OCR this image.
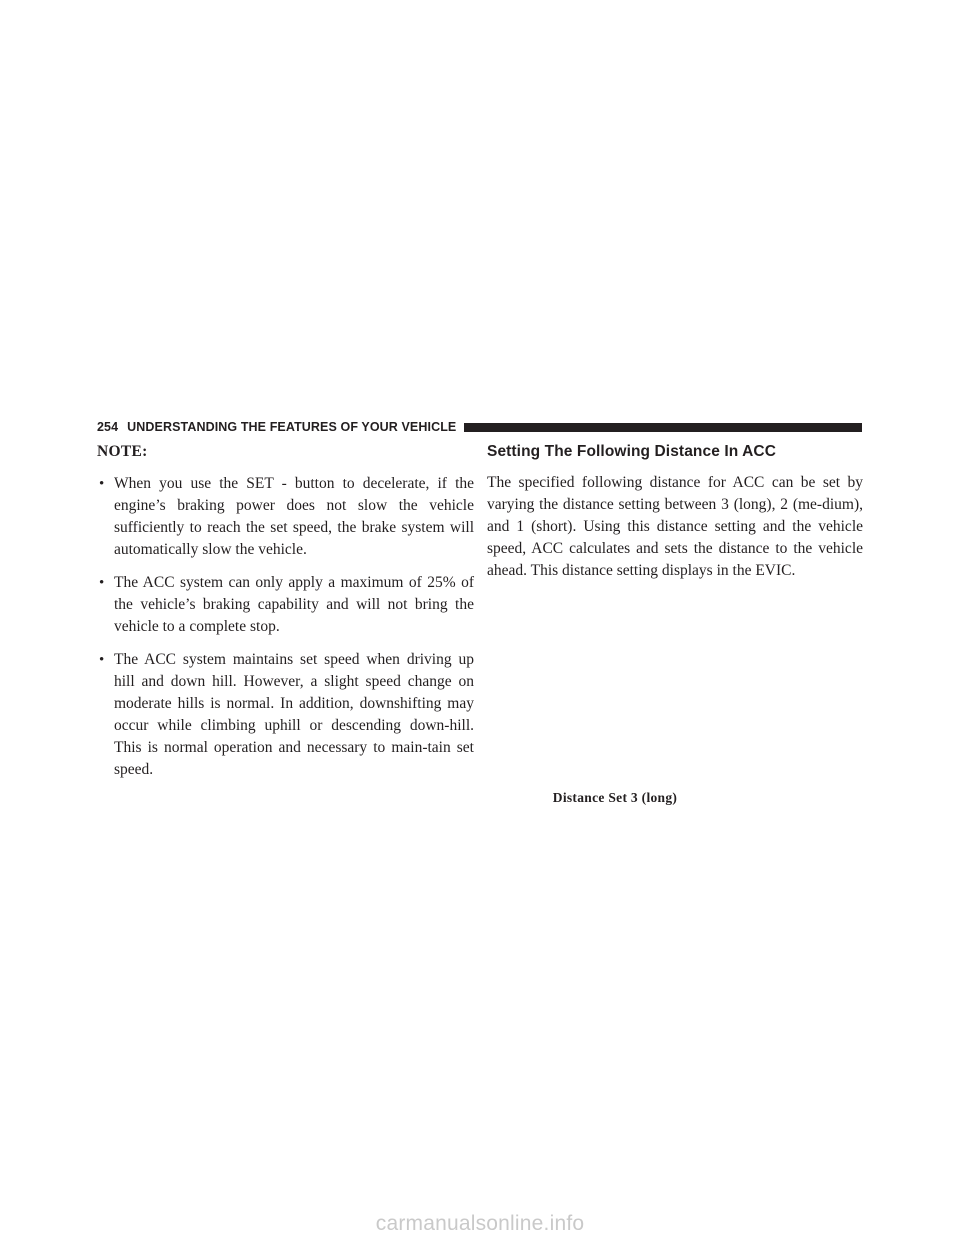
254 UNDERSTANDING THE FEATURES OF YOUR VEHICLE

NOTE:

• When you use the SET - button to decelerate, if the engine’s braking power does not slow the vehicle sufficiently to reach the set speed, the brake system will automatically slow the vehicle.
• The ACC system can only apply a maximum of 25% of the vehicle’s braking capability and will not bring the vehicle to a complete stop.
• The ACC system maintains set speed when driving up hill and down hill. However, a slight speed change on moderate hills is normal. In addition, downshifting may occur while climbing uphill or descending down-hill. This is normal operation and necessary to main-tain set speed.
Setting The Following Distance In ACC

The specified following distance for ACC can be set by varying the distance setting between 3 (long), 2 (me-dium), and 1 (short). Using this distance setting and the vehicle speed, ACC calculates and sets the distance to the vehicle ahead. This distance setting displays in the EVIC.

Distance Set 3 (long)
carmanualsonline.info
